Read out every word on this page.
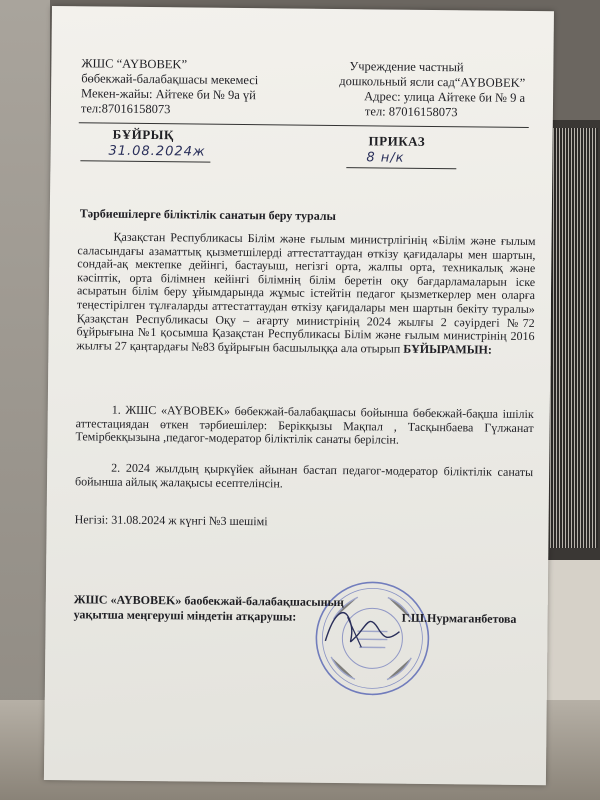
ЖШС “AYBOBEK”
бөбекжай-балабақшасы мекемесі
Мекен-жайы: Айтеке би № 9а үй
тел:87016158073
Учреждение частный
дошкольный ясли сад“AYBOBEK”
Адрес: улица Айтеке би № 9 а
тел: 87016158073
БҰЙРЫҚ
31.08.2024ж
ПРИКАЗ
8 н/к
Тәрбиешілерге біліктілік санатын беру туралы
Қазақстан Республикасы Білім және ғылым министрлігінің «Білім және ғылым саласындағы азаматтық қызметшілерді аттестаттаудан өткізу қағидалары мен шартын, сондай-ақ мектепке дейінгі, бастауыш, негізгі орта, жалпы орта, техникалық және кәсіптік, орта білімнен кейінгі білімнің білім беретін оқу бағдарламаларын іске асыратын білім беру ұйымдарында жұмыс істейтін педагог қызметкерлер мен оларға теңестірілген тұлғаларды аттестаттаудан өткізу қағидалары мен шартын бекіту туралы» Қазақстан Республикасы Оқу – ағарту министрінің 2024 жылғы 2 сәуірдегі №72 бұйрығына №1 қосымша Қазақстан Республикасы Білім және ғылым министрінің 2016 жылғы 27 қаңтардағы №83 бұйрығын басшылыққа ала отырып БҰЙЫРАМЫН:
1. ЖШС «AYBOBEK» бөбекжай-балабақшасы бойынша бөбекжай-бақша ішілік аттестациядан өткен тәрбиешілер: Берікқызы Мақпал , Тасқынбаева Гүлжанат Темірбекқызына ,педагог-модератор біліктілік санаты берілсін.
2. 2024 жылдың қыркүйек айынан бастап педагог-модератор біліктілік санаты бойынша айлық жалақысы есептелінсін.
Негізі: 31.08.2024 ж күнгі №3 шешімі
ЖШС «AYBOBEK» баобекжай-балабақшасының
уақытша меңгеруші міндетін атқарушы:	Г.Ш.Нурмаганбетова
